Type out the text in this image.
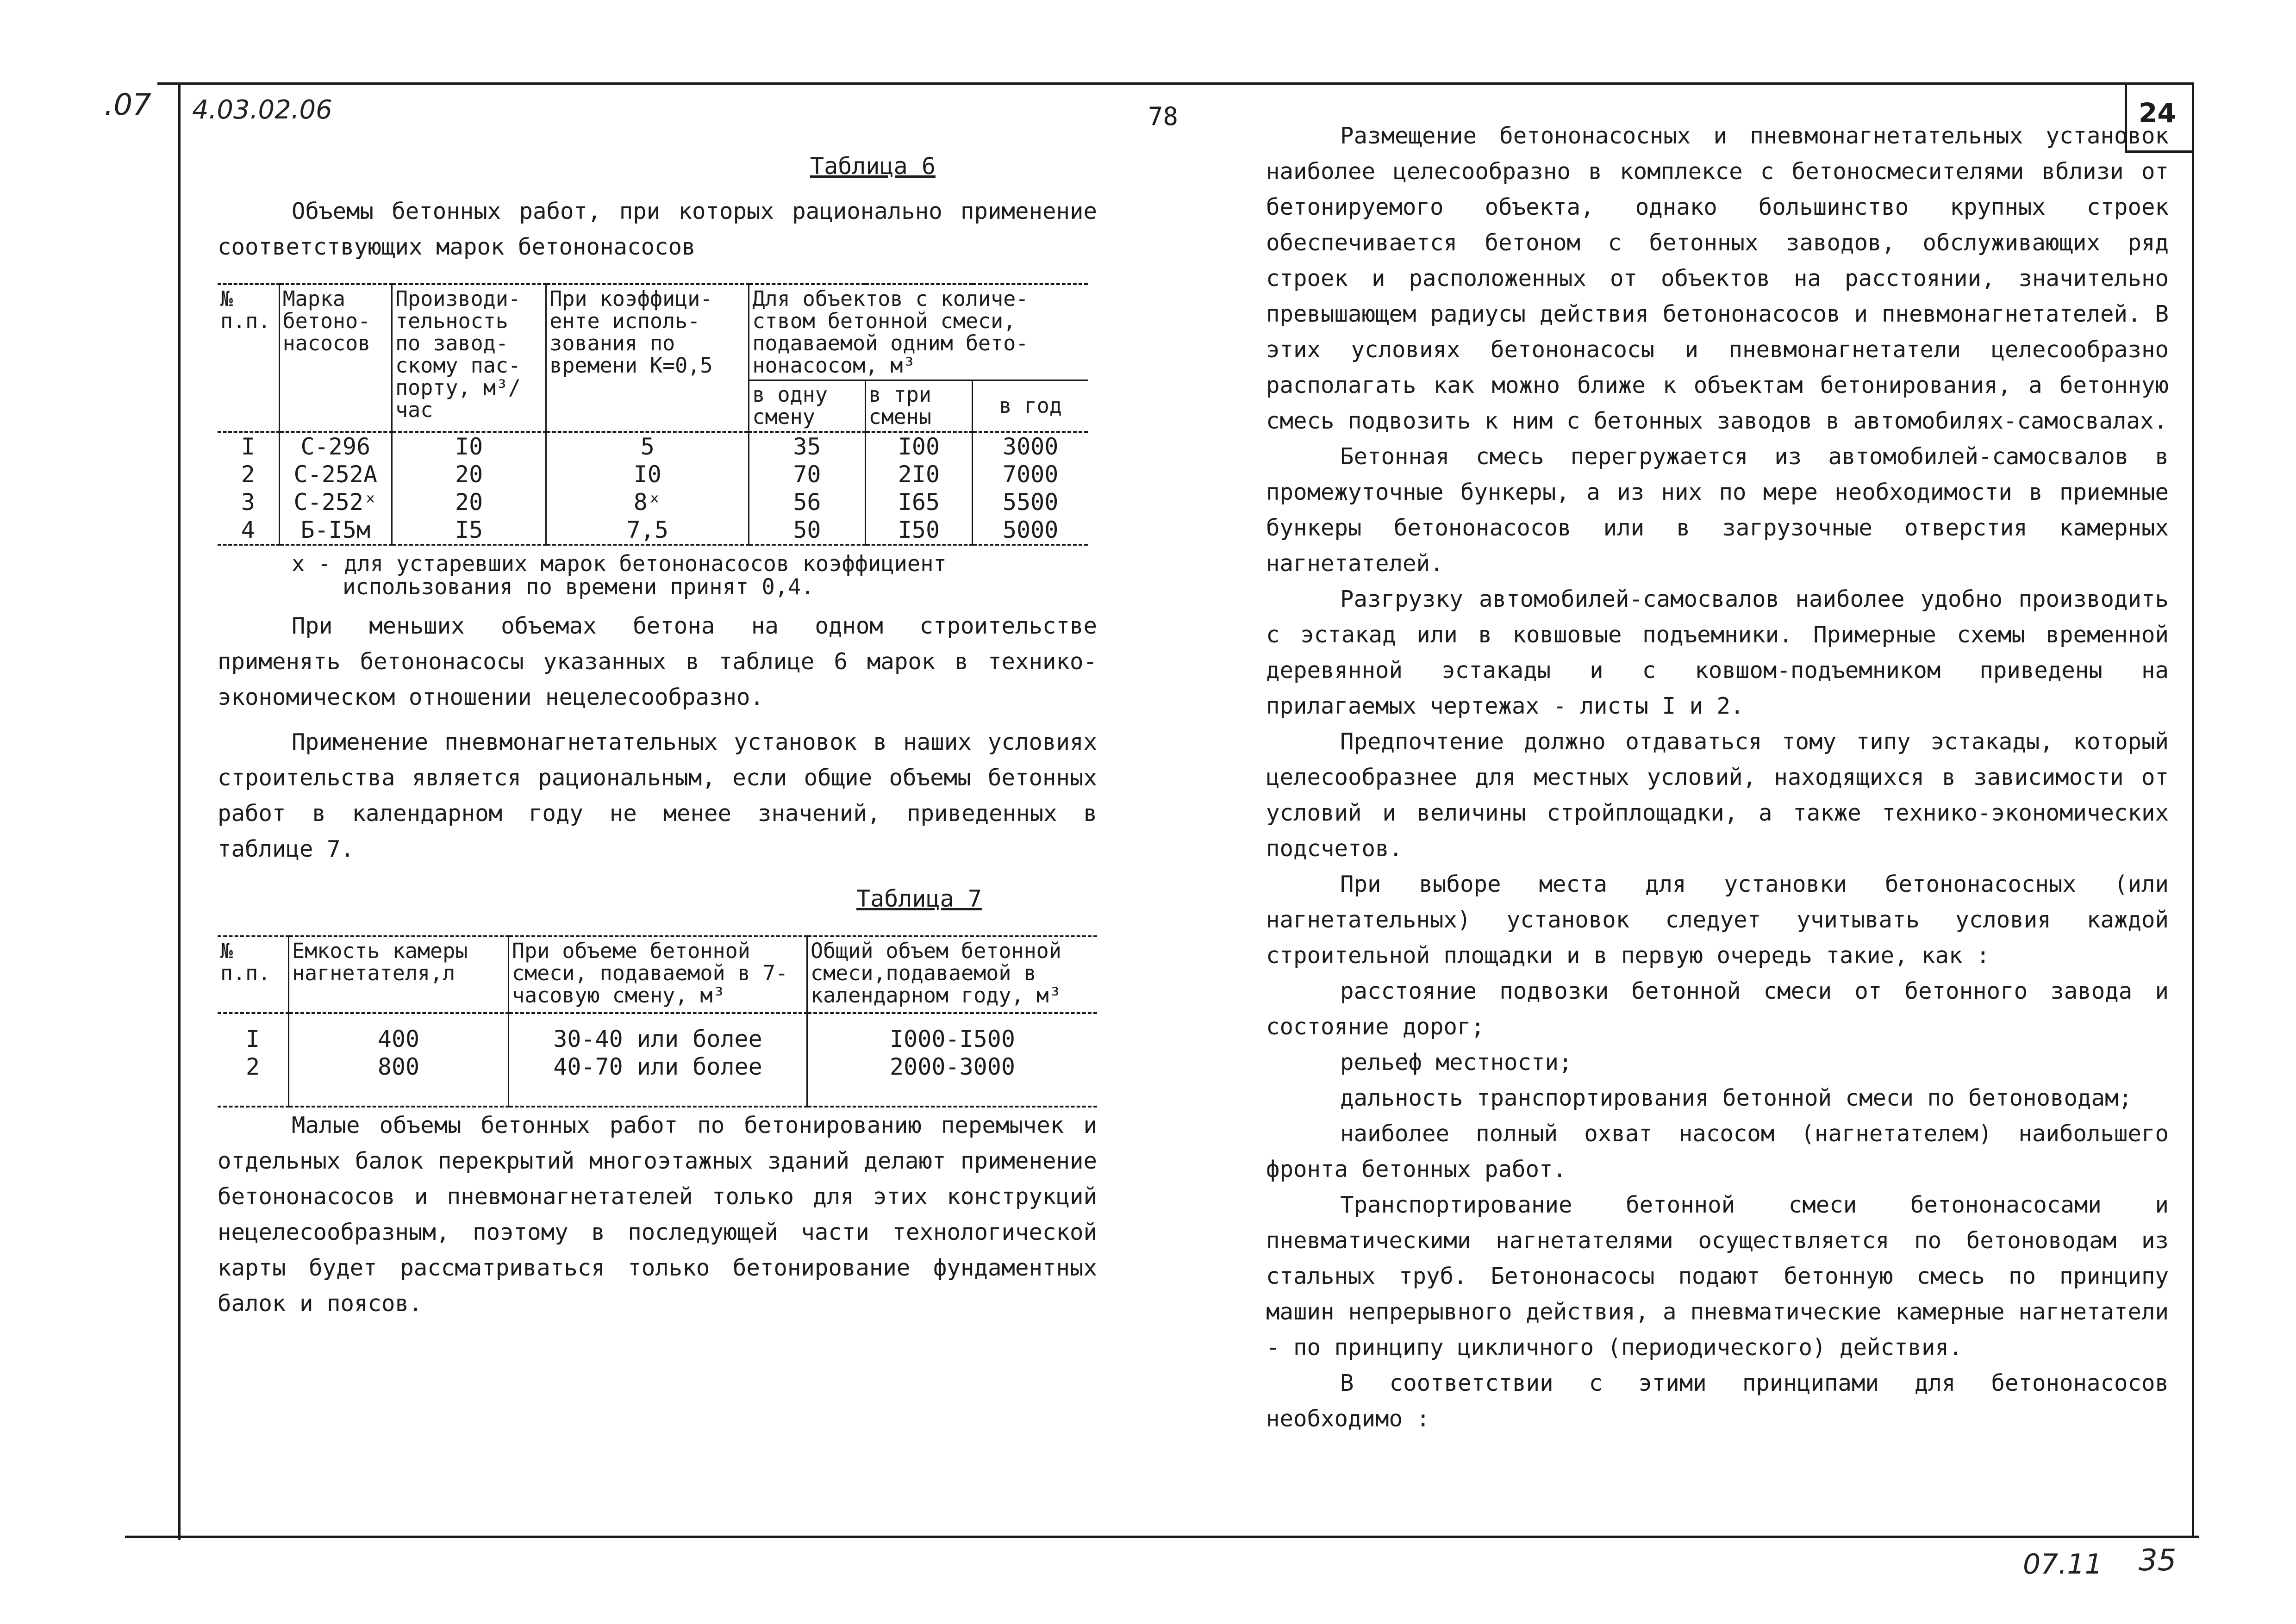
.07 4.03.02.06	78	24
07.11 35
Таблица 6

Объемы бетонных работ, при которых рационально применение соответствующих марок бетононасосов

№ п.п.	Марка бетоно-насосов	Производи-тельность по завод-скому пас-порту, м³/час	При коэффици-енте исполь-зования по времени К=0,5	Для объектов с количе-ством бетонной смеси, подаваемой одним бето-нонасосом, м³		
				в одну смену	в три смены	в год
I	С-296	I0	5	35	I00	3000
2	С-252А	20	I0	70	2I0	7000
3	С-252ˣ	20	8ˣ	56	I65	5500
4	Б-I5м	I5	7,5	50	I50	5000
х - для устаревших марок бетононасосов коэффициент
использования по времени принят 0,4.

При меньших объемах бетона на одном строительстве применять бетононасосы указанных в таблице 6 марок в технико-экономическом отношении нецелесообразно.

Применение пневмонагнетательных установок в наших условиях строительства является рациональным, если общие объемы бетонных работ в календарном году не менее значений, приведенных в таблице 7.

Таблица 7
№ п.п.	Емкость камеры нагнетателя,л	При объеме бетонной смеси, подаваемой в 7-часовую смену, м³	Общий объем бетонной смеси,подаваемой в календарном году, м³
I	400	30-40 или более	I000-I500
2	800	40-70 или более	2000-3000

Малые объемы бетонных работ по бетонированию перемычек и отдельных балок перекрытий многоэтажных зданий делают применение бетононасосов и пневмонагнетателей только для этих конструкций нецелесообразным, поэтому в последующей части технологической карты будет рассматриваться только бетонирование фундаментных балок и поясов.

Размещение бетононасосных и пневмонагнетательных установок наиболее целесообразно в комплексе с бетоносмесителями вблизи от бетонируемого объекта, однако большинство крупных строек обеспечивается бетоном с бетонных заводов, обслуживающих ряд строек и расположенных от объектов на расстоянии, значительно превышающем радиусы действия бетононасосов и пневмонагнетателей. В этих условиях бетононасосы и пневмонагнетатели целесообразно располагать как можно ближе к объектам бетонирования, а бетонную смесь подвозить к ним с бетонных заводов в автомобилях-самосвалах.

Бетонная смесь перегружается из автомобилей-самосвалов в промежуточные бункеры, а из них по мере необходимости в приемные бункеры бетононасосов или в загрузочные отверстия камерных нагнетателей.

Разгрузку автомобилей-самосвалов наиболее удобно производить с эстакад или в ковшовые подъемники. Примерные схемы временной деревянной эстакады и с ковшом-подъемником приведены на прилагаемых чертежах - листы I и 2.

Предпочтение должно отдаваться тому типу эстакады, который целесообразнее для местных условий, находящихся в зависимости от условий и величины стройплощадки, а также технико-экономических подсчетов.

При выборе места для установки бетононасосных (или нагнетательных) установок следует учитывать условия каждой строительной площадки и в первую очередь такие, как :

расстояние подвозки бетонной смеси от бетонного завода и состояние дорог;

рельеф местности;

дальность транспортирования бетонной смеси по бетоноводам;

наиболее полный охват насосом (нагнетателем) наибольшего фронта бетонных работ.

Транспортирование бетонной смеси бетононасосами и пневматическими нагнетателями осуществляется по бетоноводам из стальных труб. Бетононасосы подают бетонную смесь по принципу машин непрерывного действия, а пневматические камерные нагнетатели - по принципу цикличного (периодического) действия.

В соответствии с этими принципами для бетононасосов необходимо :
